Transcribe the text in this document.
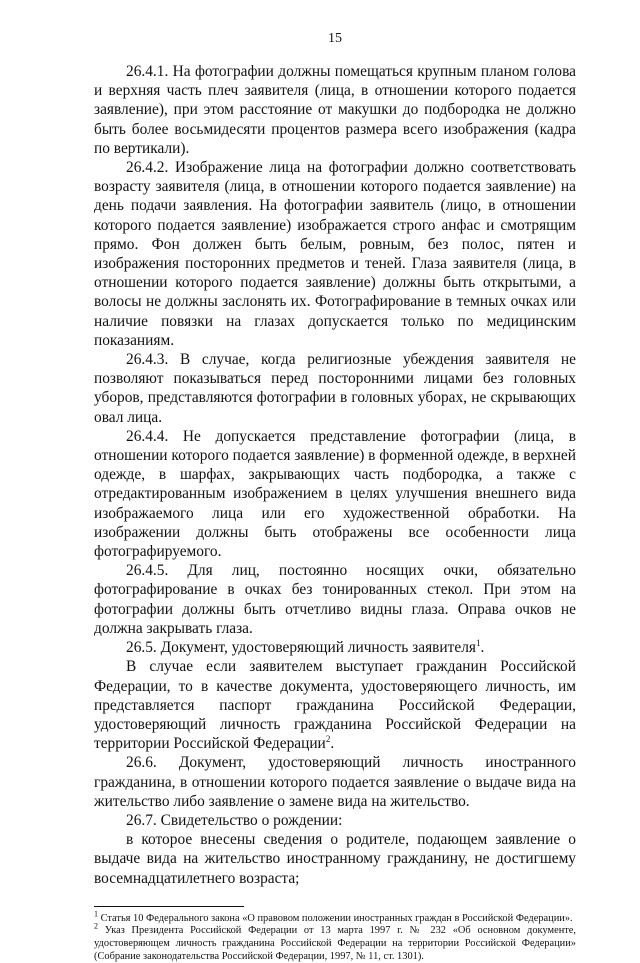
15

26.4.1. На фотографии должны помещаться крупным планом голова и верхняя часть плеч заявителя (лица, в отношении которого подается заявление), при этом расстояние от макушки до подбородка не должно быть более восьмидесяти процентов размера всего изображения (кадра по вертикали).

26.4.2. Изображение лица на фотографии должно соответствовать возрасту заявителя (лица, в отношении которого подается заявление) на день подачи заявления. На фотографии заявитель (лицо, в отношении которого подается заявление) изображается строго анфас и смотрящим прямо. Фон должен быть белым, ровным, без полос, пятен и изображения посторонних предметов и теней. Глаза заявителя (лица, в отношении которого подается заявление) должны быть открытыми, а волосы не должны заслонять их. Фотографирование в темных очках или наличие повязки на глазах допускается только по медицинским показаниям.

26.4.3. В случае, когда религиозные убеждения заявителя не позволяют показываться перед посторонними лицами без головных уборов, представляются фотографии в головных уборах, не скрывающих овал лица.

26.4.4. Не допускается представление фотографии (лица, в отношении которого подается заявление) в форменной одежде, в верхней одежде, в шарфах, закрывающих часть подбородка, а также с отредактированным изображением в целях улучшения внешнего вида изображаемого лица или его художественной обработки. На изображении должны быть отображены все особенности лица фотографируемого.

26.4.5. Для лиц, постоянно носящих очки, обязательно фотографирование в очках без тонированных стекол. При этом на фотографии должны быть отчетливо видны глаза. Оправа очков не должна закрывать глаза.

26.5. Документ, удостоверяющий личность заявителя$^1$.

В случае если заявителем выступает гражданин Российской Федерации, то в качестве документа, удостоверяющего личность, им представляется паспорт гражданина Российской Федерации, удостоверяющий личность гражданина Российской Федерации на территории Российской Федерации$^2$.

26.6. Документ, удостоверяющий личность иностранного гражданина, в отношении которого подается заявление о выдаче вида на жительство либо заявление о замене вида на жительство.

26.7. Свидетельство о рождении:

в которое внесены сведения о родителе, подающем заявление о выдаче вида на жительство иностранному гражданину, не достигшему восемнадцатилетнего возраста;

$^1$ Статья 10 Федерального закона «О правовом положении иностранных граждан в Российской Федерации».

$^2$ Указ Президента Российской Федерации от 13 марта 1997 г. № 232 «Об основном документе, удостоверяющем личность гражданина Российской Федерации на территории Российской Федерации» (Собрание законодательства Российской Федерации, 1997, № 11, ст. 1301).
